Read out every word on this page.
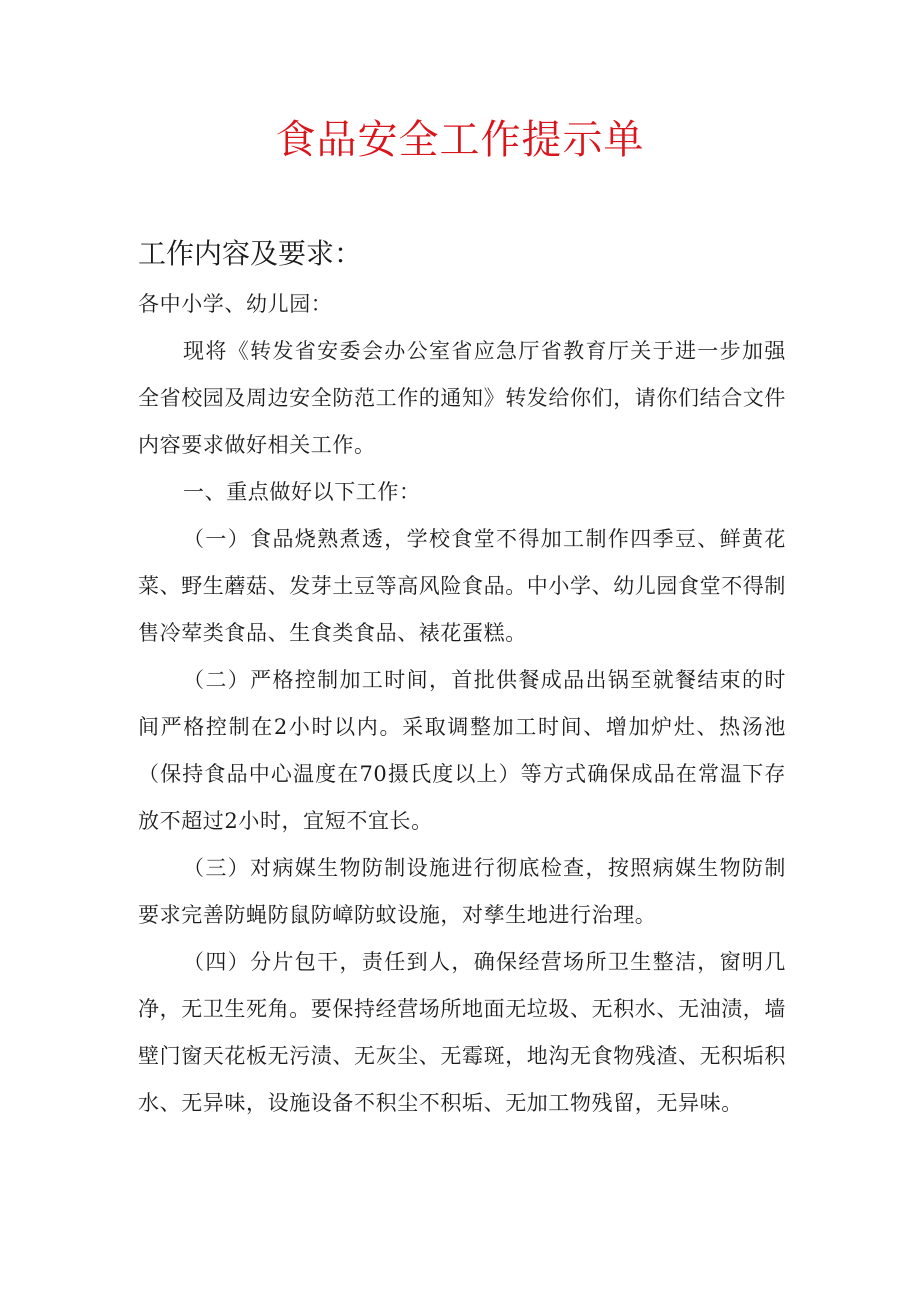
食品安全工作提示单
工作内容及要求：

各中小学、幼儿园：

现将《转发省安委会办公室省应急厅省教育厅关于进一步加强全省校园及周边安全防范工作的通知》转发给你们，请你们结合文件内容要求做好相关工作。

一、重点做好以下工作：

（一）食品烧熟煮透，学校食堂不得加工制作四季豆、鲜黄花菜、野生蘑菇、发芽土豆等高风险食品。中小学、幼儿园食堂不得制售冷荤类食品、生食类食品、裱花蛋糕。

（二）严格控制加工时间，首批供餐成品出锅至就餐结束的时间严格控制在2小时以内。采取调整加工时间、增加炉灶、热汤池（保持食品中心温度在70摄氏度以上）等方式确保成品在常温下存放不超过2小时，宜短不宜长。

（三）对病媒生物防制设施进行彻底检查，按照病媒生物防制要求完善防蝇防鼠防嶂防蚊设施，对孳生地进行治理。

（四）分片包干，责任到人，确保经营场所卫生整洁，窗明几净，无卫生死角。要保持经营场所地面无垃圾、无积水、无油渍，墙壁门窗天花板无污渍、无灰尘、无霉斑，地沟无食物残渣、无积垢积水、无异味，设施设备不积尘不积垢、无加工物残留，无异味。
